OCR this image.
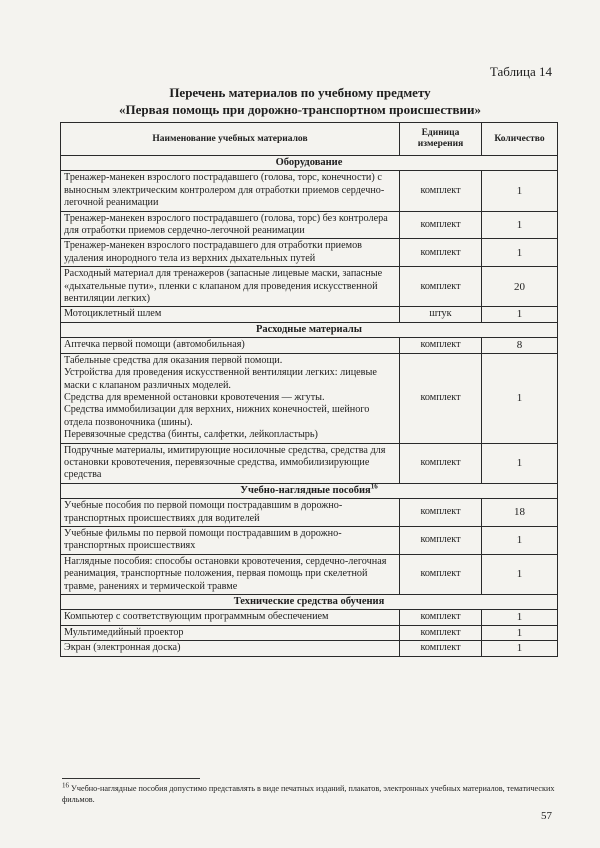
Таблица 14
Перечень материалов по учебному предмету
«Первая помощь при дорожно-транспортном происшествии»
Наименование учебных материалов	Единица измерения	Количество
Оборудование		
Тренажер-манекен взрослого пострадавшего (голова, торс, конечности) с выносным электрическим контролером для отработки приемов сердечно-легочной реанимации	комплект	1
Тренажер-манекен взрослого пострадавшего (голова, торс) без контролера для отработки приемов сердечно-легочной реанимации	комплект	1
Тренажер-манекен взрослого пострадавшего для отработки приемов удаления инородного тела из верхних дыхательных путей	комплект	1
Расходный материал для тренажеров (запасные лицевые маски, запасные «дыхательные пути», пленки с клапаном для проведения искусственной вентиляции легких)	комплект	20
Мотоциклетный шлем	штук	1
Расходные материалы		
Аптечка первой помощи (автомобильная)	комплект	8
Табельные средства для оказания первой помощи.
Устройства для проведения искусственной вентиляции легких: лицевые маски с клапаном различных моделей.
Средства для временной остановки кровотечения — жгуты.
Средства иммобилизации для верхних, нижних конечностей, шейного отдела позвоночника (шины).
Перевязочные средства (бинты, салфетки, лейкопластырь)	комплект	1
Подручные материалы, имитирующие носилочные средства, средства для остановки кровотечения, перевязочные средства, иммобилизирующие средства	комплект	1
Учебно-наглядные пособия$^{16}$
Учебные пособия по первой помощи пострадавшим в дорожно-транспортных происшествиях для водителей	комплект	18
Учебные фильмы по первой помощи пострадавшим в дорожно-транспортных происшествиях	комплект	1
Наглядные пособия: способы остановки кровотечения, сердечно-легочная реанимация, транспортные положения, первая помощь при скелетной травме, ранениях и термической травме	комплект	1
Технические средства обучения		
Компьютер с соответствующим программным обеспечением	комплект	1
Мультимедийный проектор	комплект	1
Экран (электронная доска)	комплект	1
$^{16}$ Учебно-наглядные пособия допустимо представлять в виде печатных изданий, плакатов, электронных учебных материалов, тематических фильмов.
57
